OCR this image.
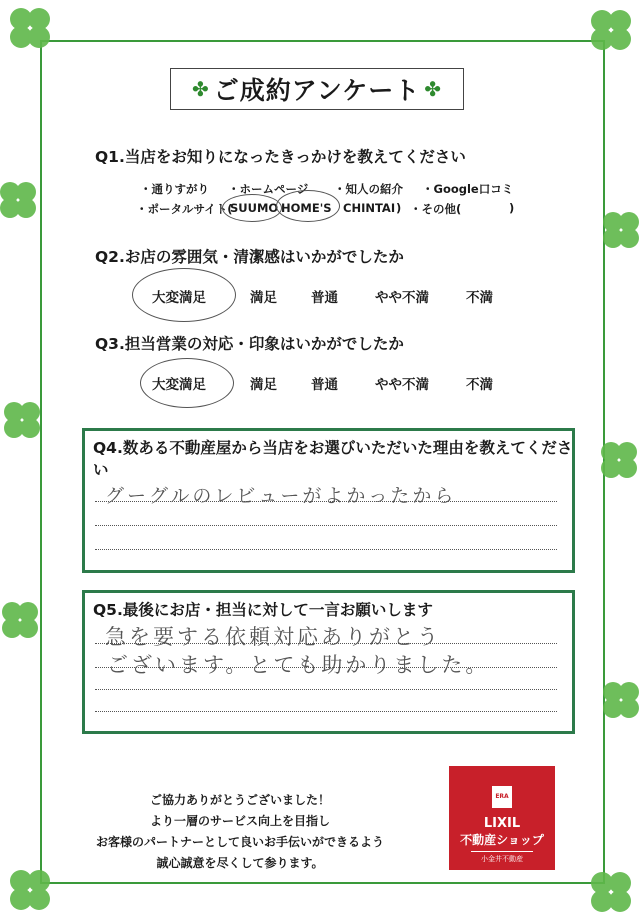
✤ ご成約アンケート ✤
Q1.当店をお知りになったきっかけを教えてください
・通りすがり ・ホームページ ・知人の紹介 ・Google口コミ
・ポータルサイト(
SUUMO HOME'S CHINTAI ) ・その他(	)
Q2.お店の雰囲気・清潔感はいかがでしたか
大変満足	満足	普通	やや不満	不満
Q3.担当営業の対応・印象はいかがでしたか
大変満足	満足	普通	やや不満	不満
Q4.数ある不動産屋から当店をお選びいただいた理由を教えてください
グーグルのレビューがよかったから
Q5.最後にお店・担当に対して一言お願いします
急を要する依頼対応ありがとう
ございます。とても助かりました。
ご協力ありがとうございました！
より一層のサービス向上を目指し
お客様のパートナーとして良いお手伝いができるよう
誠心誠意を尽くして参ります。
ERA
LIXIL
不動産ショップ
小金井不動産
